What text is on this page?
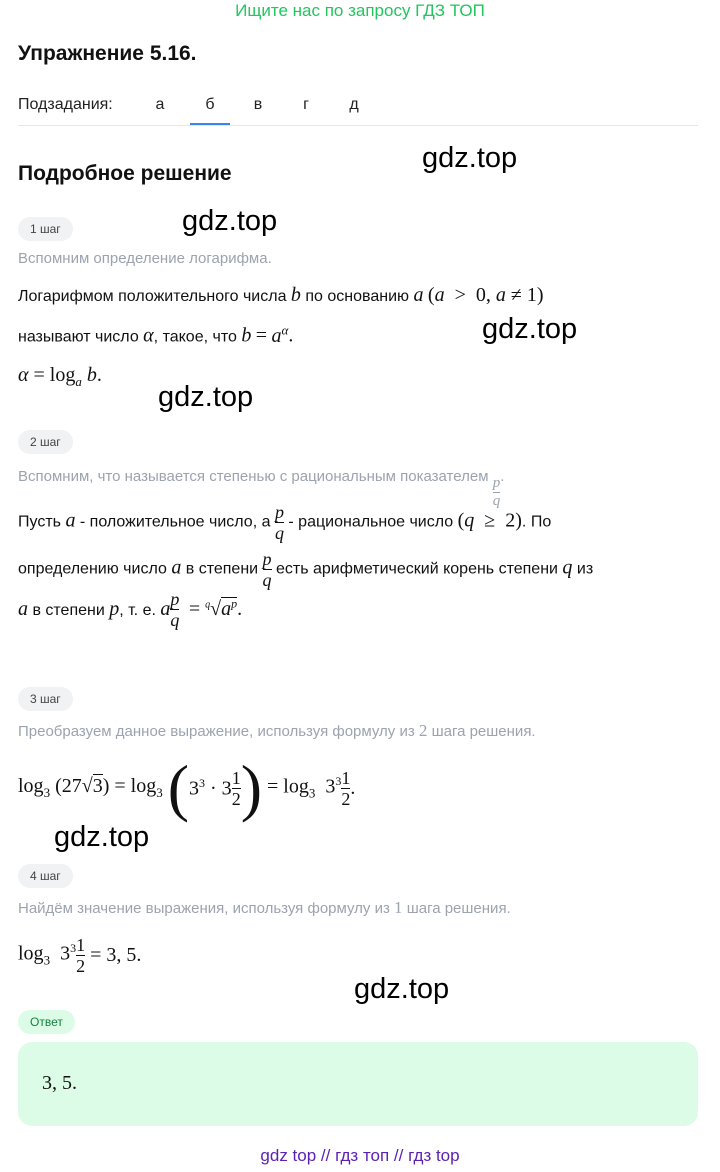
Ищите нас по запросу ГДЗ ТОП
Упражнение 5.16.
Подзадания:	а	б	в	г	д
Подробное решение	gdz.top
gdz.top
gdz.top
gdz.top
gdz.top
gdz.top
1 шаг
Вспомним определение логарифма.
Логарифмом положительного числа b по основанию a (a  >  0, a ≠ 1)
называют число α, такое, что $b = a^\alpha$.
$\alpha = \log_a b$.
2 шаг
Вспомним, что называется степенью с рациональным показателем $\frac{p}{q}$ .
Пусть a - положительное число, а $\frac{p}{q}$ - рациональное число (q  ≥  2). По
определению число a в степени $\frac{p}{q}$ есть арифметический корень степени q из
a в степени p, т. е. a $\frac{p}{q} = ^q√a^p$.
3 шаг
Преобразуем данное выражение, используя формулу из 2 шага решения.
$\log_3 (27√3) = \log_3$ ( $3^3 \cdot 3 \frac{1}{2}$ ) = $\log_3 3^3 \frac{1}{2}$ .
4 шаг
Найдём значение выражения, используя формулу из 1 шага решения.
$\log_3 3^3 \frac{1}{2} = 3$, 5.
Ответ
3, 5.
gdz top // гдз топ // гдз top
